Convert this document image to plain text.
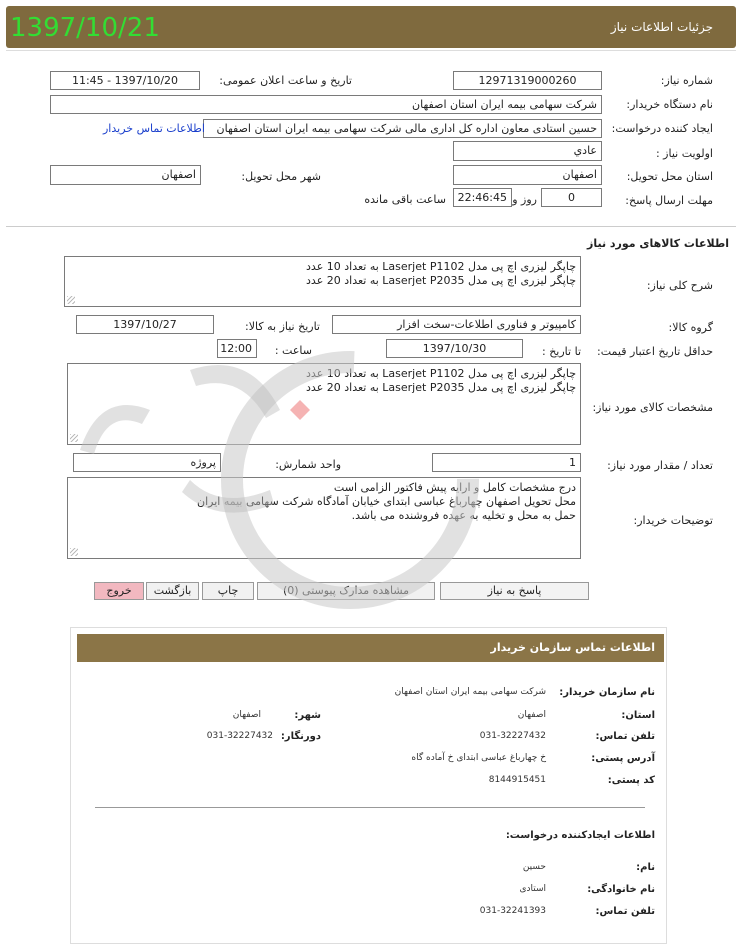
1397/10/21	جزئیات اطلاعات نیاز
شماره نیاز:
12971319000260
تاریخ و ساعت اعلان عمومی:
1397/10/20 - 11:45
نام دستگاه خریدار:
شرکت سهامی بیمه ایران استان اصفهان
ایجاد کننده درخواست:
حسین استادی معاون اداره کل اداری مالی شرکت سهامی بیمه ایران استان اصفهان
اطلاعات تماس خریدار
اولویت نیاز :
عادي
استان محل تحویل:
اصفهان
شهر محل تحویل:
اصفهان
مهلت ارسال پاسخ:
0
روز و
22:46:45
ساعت باقی مانده
اطلاعات کالاهای مورد نیاز
شرح کلی نیاز:
چاپگر لیزری اچ پی مدل Laserjet P1102 به تعداد 10 عدد
چاپگر لیزری اچ پی مدل Laserjet P2035 به تعداد 20 عدد
گروه کالا:
کامپیوتر و فناوری اطلاعات-سخت افزار
تاریخ نیاز به کالا:
1397/10/27
حداقل تاریخ اعتبار قیمت:
تا تاریخ :
1397/10/30
ساعت :
12:00
مشخصات کالای مورد نیاز:
چاپگر لیزری اچ پی مدل Laserjet P1102 به تعداد 10 عدد
چاپگر لیزری اچ پی مدل Laserjet P2035 به تعداد 20 عدد
تعداد / مقدار مورد نیاز:
1
واحد شمارش:
پروژه
توضیحات خریدار:
درج مشخصات کامل و ارایه پیش فاکتور الزامی است
محل تحویل اصفهان چهارباغ عباسی ابتدای خیابان آمادگاه شرکت سهامی بیمه ایران
حمل به محل و تخلیه به عهده فروشنده می باشد.
پاسخ به نیاز
مشاهده مدارک پیوستی (0)
چاپ
بازگشت
خروج
اطلاعات تماس سازمان خریدار
نام سازمان خریدار:
شرکت سهامی بیمه ایران استان اصفهان
استان:
اصفهان
شهر:
اصفهان
تلفن تماس:
031-32227432
دورنگار:
031-32227432
آدرس پستی:
خ چهارباغ عباسی ابتدای خ آماده گاه
کد پستی:
8144915451
اطلاعات ایجادکننده درخواست:
نام:
حسین
نام خانوادگی:
استادی
تلفن تماس:
031-32241393
